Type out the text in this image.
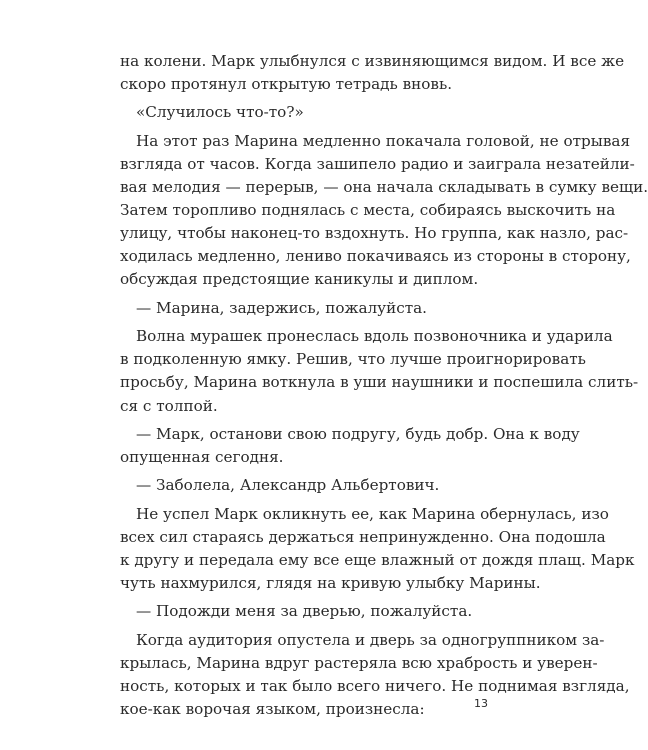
на колени. Марк улыбнулся с извиняющимся видом. И все же
скоро протянул открытую тетрадь вновь.
«Случилось что-то?»
На этот раз Марина медленно покачала головой, не отрывая
взгляда от часов. Когда зашипело радио и заиграла незатейли-
вая мелодия — перерыв, — она начала складывать в сумку вещи.
Затем торопливо поднялась с места, собираясь выскочить на
улицу, чтобы наконец-то вздохнуть. Но группа, как назло, рас-
ходилась медленно, лениво покачиваясь из стороны в сторону,
обсуждая предстоящие каникулы и диплом.
— Марина, задержись, пожалуйста.
Волна мурашек пронеслась вдоль позвоночника и ударила
в подколенную ямку. Решив, что лучше проигнорировать
просьбу, Марина воткнула в уши наушники и поспешила слить-
ся с толпой.
— Марк, останови свою подругу, будь добр. Она к воду
опущенная сегодня.
— Заболела, Александр Альбертович.
Не успел Марк окликнуть ее, как Марина обернулась, изо
всех сил стараясь держаться непринужденно. Она подошла
к другу и передала ему все еще влажный от дождя плащ. Марк
чуть нахмурился, глядя на кривую улыбку Марины.
— Подожди меня за дверью, пожалуйста.
Когда аудитория опустела и дверь за одногруппником за-
крылась, Марина вдруг растеряла всю храбрость и уверен-
ность, которых и так было всего ничего. Не поднимая взгляда,
кое-как ворочая языком, произнесла:	13
